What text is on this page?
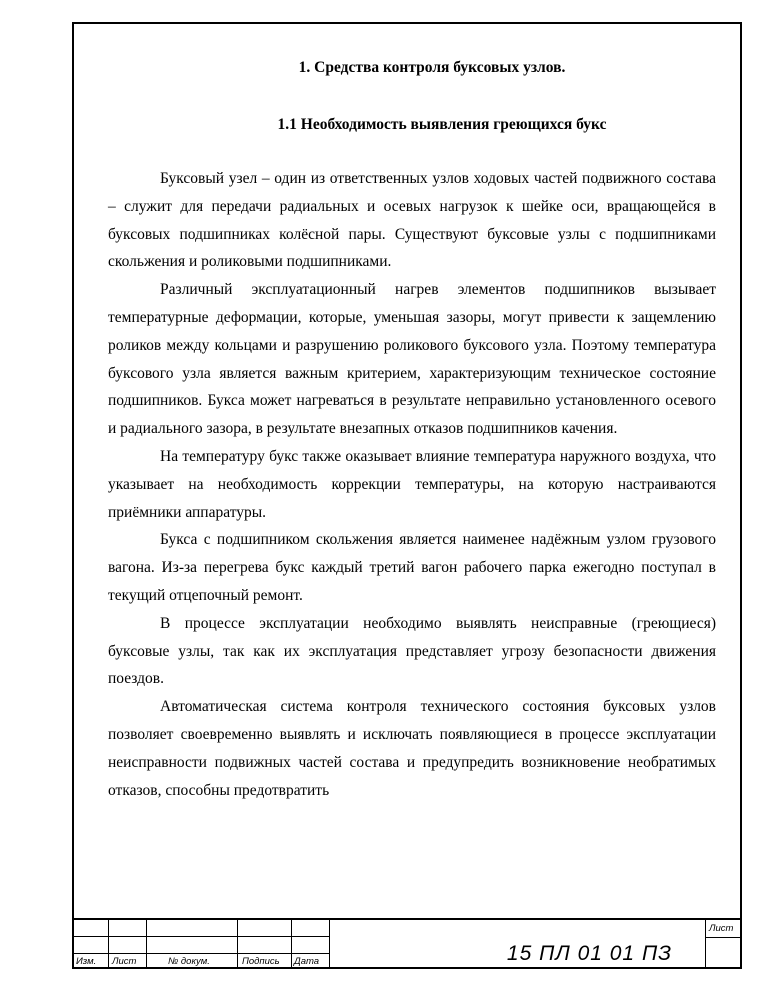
1. Средства контроля буксовых узлов.
1.1 Необходимость выявления греющихся букс

Буксовый узел – один из ответственных узлов ходовых частей подвижного состава – служит для передачи радиальных и осевых нагрузок к шейке оси, вращающейся в буксовых подшипниках колёсной пары. Существуют буксовые узлы с подшипниками скольжения и роликовыми подшипниками.

Различный эксплуатационный нагрев элементов подшипников вызывает температурные деформации, которые, уменьшая зазоры, могут привести к защемлению роликов между кольцами и разрушению роликового буксового узла. Поэтому температура буксового узла является важным критерием, характеризующим техническое состояние подшипников. Букса может нагреваться в результате неправильно установленного осевого и радиального зазора, в результате внезапных отказов подшипников качения.

На температуру букс также оказывает влияние температура наружного воздуха, что указывает на необходимость коррекции температуры, на которую настраиваются приёмники аппаратуры.

Букса с подшипником скольжения является наименее надёжным узлом грузового вагона. Из-за перегрева букс каждый третий вагон рабочего парка ежегодно поступал в текущий отцепочный ремонт.

В процессе эксплуатации необходимо выявлять неисправные (греющиеся) буксовые узлы, так как их эксплуатация представляет угрозу безопасности движения поездов.

Автоматическая система контроля технического состояния буксовых узлов позволяет своевременно выявлять и исключать появляющиеся в процессе эксплуатации неисправности подвижных частей состава и предупредить возникновение необратимых отказов, способны предотвратить

Изм. Лист	№ докум.	Подпись Дата
Лист
15 ПЛ 01 01 ПЗ
